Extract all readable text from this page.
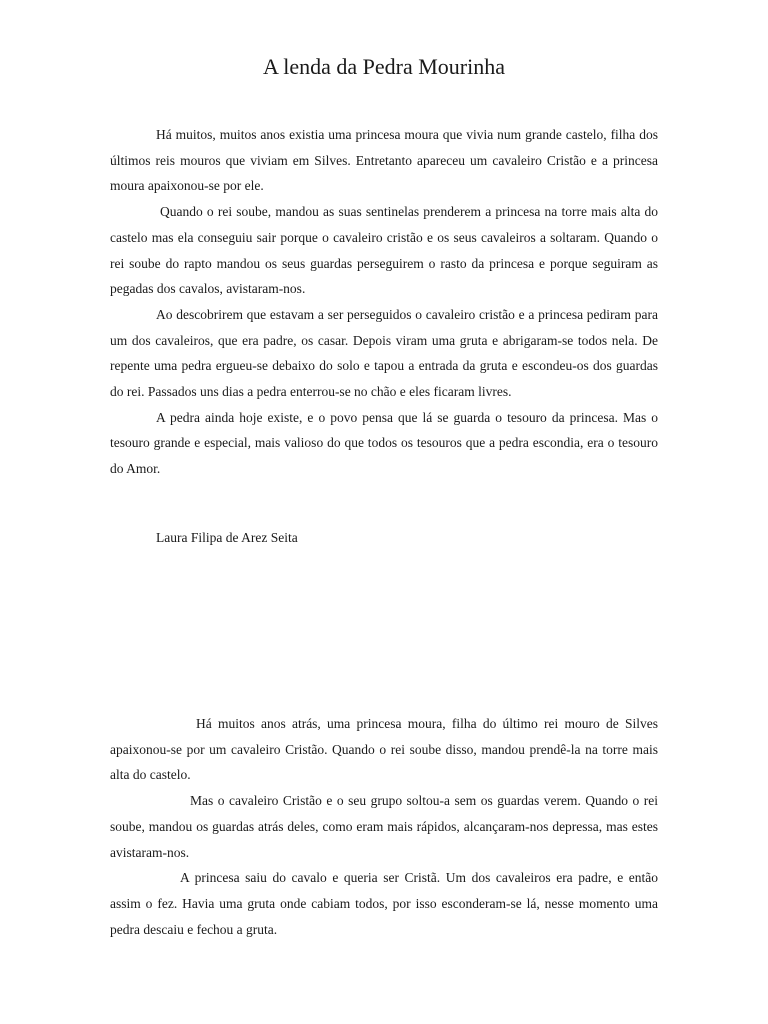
A lenda da Pedra Mourinha

Há muitos, muitos anos existia uma princesa moura que vivia num grande castelo, filha dos últimos reis mouros que viviam em Silves. Entretanto apareceu um cavaleiro Cristão e a princesa moura apaixonou-se por ele.

Quando o rei soube, mandou as suas sentinelas prenderem a princesa na torre mais alta do castelo mas ela conseguiu sair porque o cavaleiro cristão e os seus cavaleiros a soltaram. Quando o rei soube do rapto mandou os seus guardas perseguirem o rasto da princesa e porque seguiram as pegadas dos cavalos, avistaram-nos.

Ao descobrirem que estavam a ser perseguidos o cavaleiro cristão e a princesa pediram para um dos cavaleiros, que era padre, os casar. Depois viram uma gruta e abrigaram-se todos nela. De repente uma pedra ergueu-se debaixo do solo e tapou a entrada da gruta e escondeu-os dos guardas do rei. Passados uns dias a pedra enterrou-se no chão e eles ficaram livres.

A pedra ainda hoje existe, e o povo pensa que lá se guarda o tesouro da princesa. Mas o tesouro grande e especial, mais valioso do que todos os tesouros que a pedra escondia, era o tesouro do Amor.

Laura Filipa de Arez Seita

Há muitos anos atrás, uma princesa moura, filha do último rei mouro de Silves apaixonou-se por um cavaleiro Cristão. Quando o rei soube disso, mandou prendê-la na torre mais alta do castelo.

Mas o cavaleiro Cristão e o seu grupo soltou-a sem os guardas verem. Quando o rei soube, mandou os guardas atrás deles, como eram mais rápidos, alcançaram-nos depressa, mas estes avistaram-nos.

A princesa saiu do cavalo e queria ser Cristã. Um dos cavaleiros era padre, e então assim o fez. Havia uma gruta onde cabiam todos, por isso esconderam-se lá, nesse momento uma pedra descaiu e fechou a gruta.
